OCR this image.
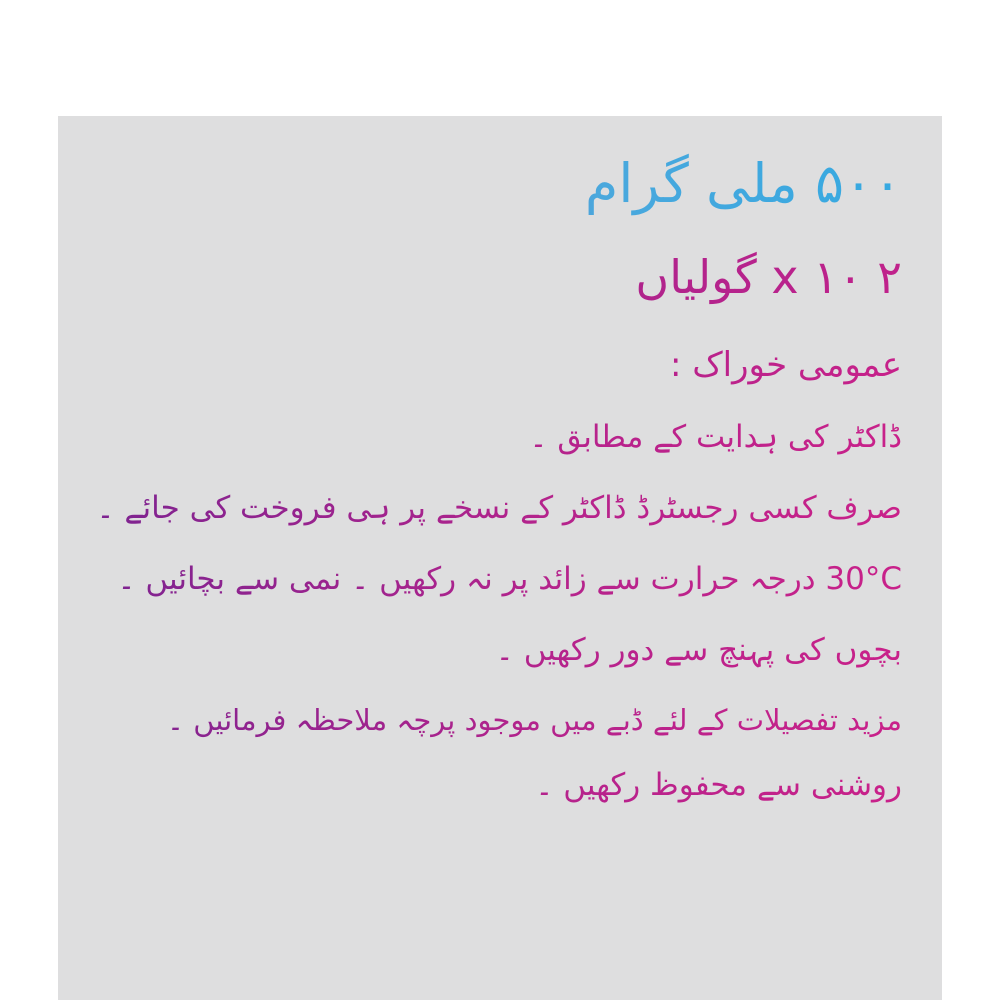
۵۰۰ ملی گرام
۲ x ۱۰ گولیاں
عمومی خوراک :
ڈاکٹر کی ہدایت کے مطابق ۔
صرف کسی رجسٹرڈ ڈاکٹر کے نسخے پر ہی فروخت کی جائے ۔
30°C درجہ حرارت سے زائد پر نہ رکھیں ۔ نمی سے بچائیں ۔
بچوں کی پہنچ سے دور رکھیں ۔
مزید تفصیلات کے لئے ڈبے میں موجود پرچہ ملاحظہ فرمائیں ۔
روشنی سے محفوظ رکھیں ۔
